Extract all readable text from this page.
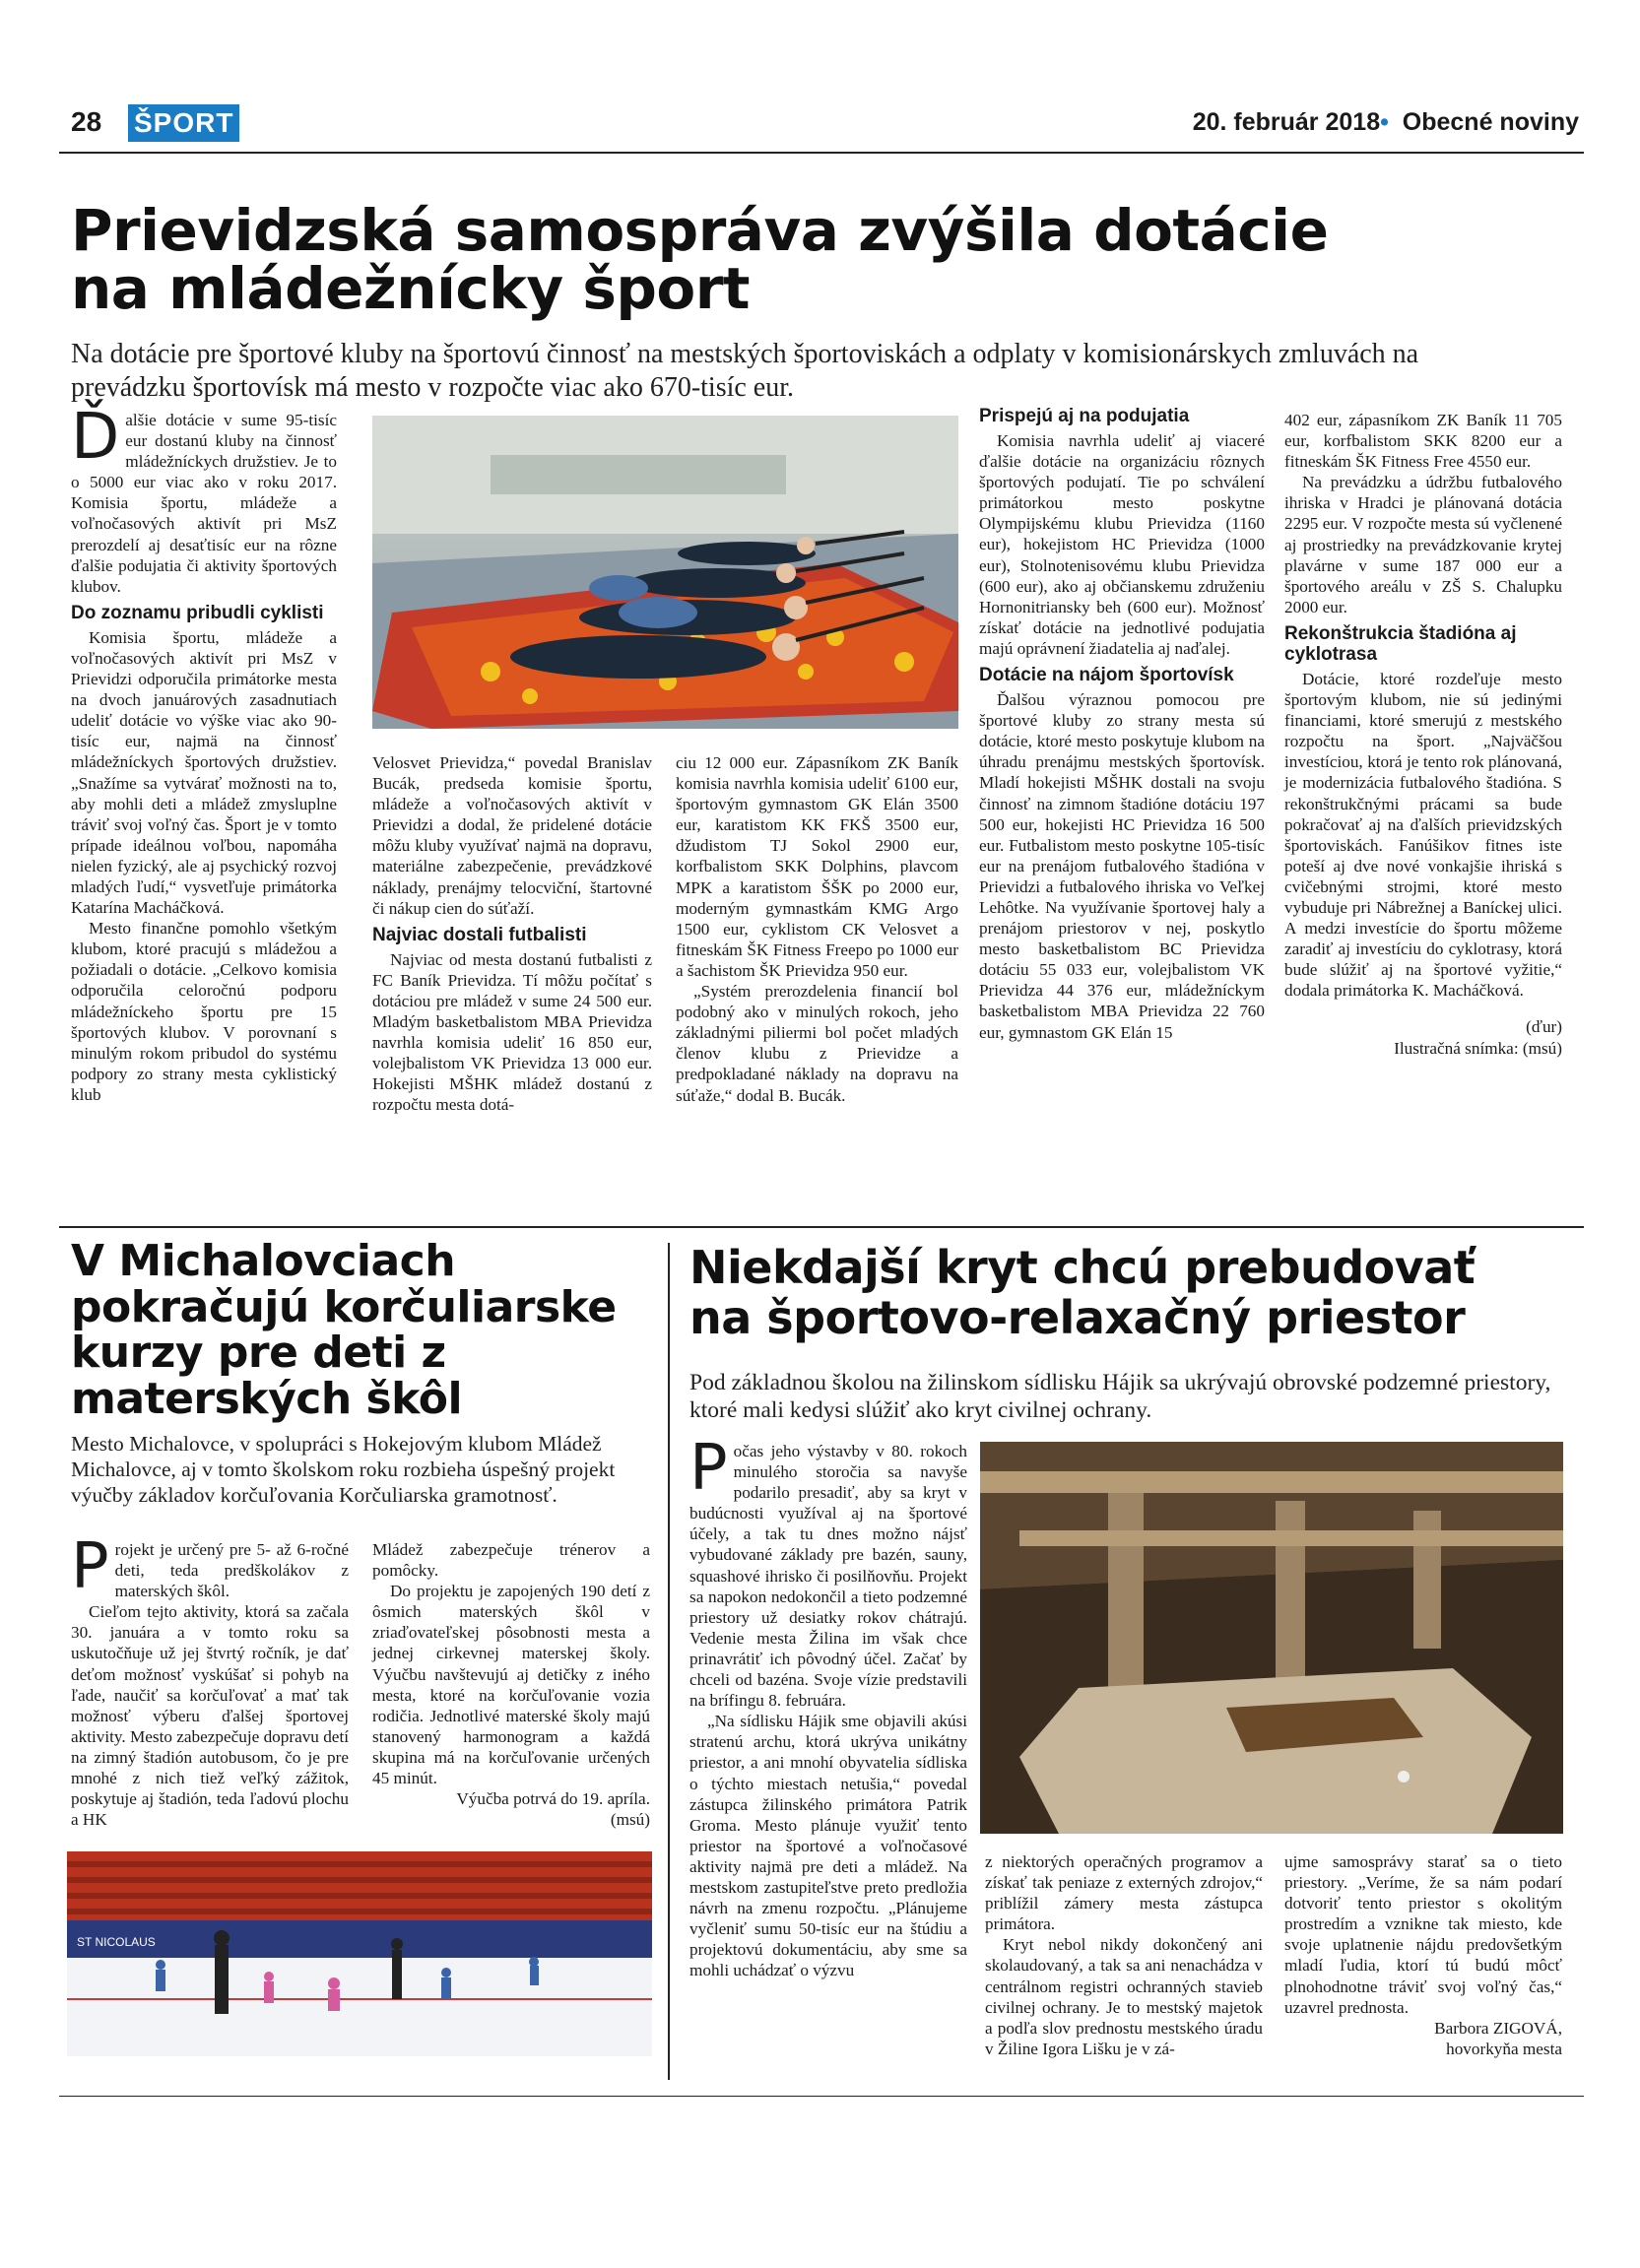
28 ŠPORT	20. február 2018• Obecné noviny
Prievidzská samospráva zvýšila dotácie
na mládežnícky šport
Na dotácie pre športové kluby na športovú činnosť na mestských športoviskách a odplaty v komisionárskych zmluvách na prevádzku športovísk má mesto v rozpočte viac ako 670-tisíc eur.

Ďalšie dotácie v sume 95-tisíc eur dostanú kluby na činnosť mládežníckych družstiev. Je to o 5000 eur viac ako v roku 2017. Komisia športu, mládeže a voľnočasových aktivít pri MsZ prerozdelí aj desaťtisíc eur na rôzne ďalšie podujatia či aktivity športových klubov.

Do zoznamu pribudli cyklisti

Komisia športu, mládeže a voľnočasových aktivít pri MsZ v Prievidzi odporučila primátorke mesta na dvoch januárových zasadnutiach udeliť dotácie vo výške viac ako 90-tisíc eur, najmä na činnosť mládežníckych športových družstiev. „Snažíme sa vytvárať možnosti na to, aby mohli deti a mládež zmysluplne tráviť svoj voľný čas. Šport je v tomto prípade ideálnou voľbou, napomáha nielen fyzický, ale aj psychický rozvoj mladých ľudí,“ vysvetľuje primátorka Katarína Macháčková.

Mesto finančne pomohlo všetkým klubom, ktoré pracujú s mládežou a požiadali o dotácie. „Celkovo komisia odporučila celoročnú podporu mládežníckeho športu pre 15 športových klubov. V porovnaní s minulým rokom pribudol do systému podpory zo strany mesta cyklistický klub

Velosvet Prievidza,“ povedal Branislav Bucák, predseda komisie športu, mládeže a voľnočasových aktivít v Prievidzi a dodal, že pridelené dotácie môžu kluby využívať najmä na dopravu, materiálne zabezpečenie, prevádzkové náklady, prenájmy telocviční, štartovné či nákup cien do súťaží.

Najviac dostali futbalisti

Najviac od mesta dostanú futbalisti z FC Baník Prievidza. Tí môžu počítať s dotáciou pre mládež v sume 24 500 eur. Mladým basketbalistom MBA Prievidza navrhla komisia udeliť 16 850 eur, volejbalistom VK Prievidza 13 000 eur. Hokejisti MŠHK mládež dostanú z rozpočtu mesta dotá-

ciu 12 000 eur. Zápasníkom ZK Baník komisia navrhla komisia udeliť 6100 eur, športovým gymnastom GK Elán 3500 eur, karatistom KK FKŠ 3500 eur, džudistom TJ Sokol 2900 eur, korfbalistom SKK Dolphins, plavcom MPK a karatistom ŠŠK po 2000 eur, moderným gymnastkám KMG Argo 1500 eur, cyklistom CK Velosvet a fitneskám ŠK Fitness Freepo po 1000 eur a šachistom ŠK Prievidza 950 eur.

„Systém prerozdelenia financií bol podobný ako v minulých rokoch, jeho základnými piliermi bol počet mladých členov klubu z Prievidze a predpokladané náklady na dopravu na súťaže,“ dodal B. Bucák.

Prispejú aj na podujatia

Komisia navrhla udeliť aj viaceré ďalšie dotácie na organizáciu rôznych športových podujatí. Tie po schválení primátorkou mesto poskytne Olympijskému klubu Prievidza (1160 eur), hokejistom HC Prievidza (1000 eur), Stolnotenisovému klubu Prievidza (600 eur), ako aj občianskemu združeniu Hornonitriansky beh (600 eur). Možnosť získať dotácie na jednotlivé podujatia majú oprávnení žiadatelia aj naďalej.

Dotácie na nájom športovísk

Ďalšou výraznou pomocou pre športové kluby zo strany mesta sú dotácie, ktoré mesto poskytuje klubom na úhradu prenájmu mestských športovísk. Mladí hokejisti MŠHK dostali na svoju činnosť na zimnom štadióne dotáciu 197 500 eur, hokejisti HC Prievidza 16 500 eur. Futbalistom mesto poskytne 105-tisíc eur na prenájom futbalového štadióna v Prievidzi a futbalového ihriska vo Veľkej Lehôtke. Na využívanie športovej haly a prenájom priestorov v nej, poskytlo mesto basketbalistom BC Prievidza dotáciu 55 033 eur, volejbalistom VK Prievidza 44 376 eur, mládežníckym basketbalistom MBA Prievidza 22 760 eur, gymnastom GK Elán 15

402 eur, zápasníkom ZK Baník 11 705 eur, korfbalistom SKK 8200 eur a fitneskám ŠK Fitness Free 4550 eur.

Na prevádzku a údržbu futbalového ihriska v Hradci je plánovaná dotácia 2295 eur. V rozpočte mesta sú vyčlenené aj prostriedky na prevádzkovanie krytej plavárne v sume 187 000 eur a športového areálu v ZŠ S. Chalupku 2000 eur.

Rekonštrukcia štadióna aj cyklotrasa

Dotácie, ktoré rozdeľuje mesto športovým klubom, nie sú jedinými financiami, ktoré smerujú z mestského rozpočtu na šport. „Najväčšou investíciou, ktorá je tento rok plánovaná, je modernizácia futbalového štadióna. S rekonštrukčnými prácami sa bude pokračovať aj na ďalších prievidzských športoviskách. Fanúšikov fitnes iste poteší aj dve nové vonkajšie ihriská s cvičebnými strojmi, ktoré mesto vybuduje pri Nábrežnej a Baníckej ulici. A medzi investície do športu môžeme zaradiť aj investíciu do cyklotrasy, ktorá bude slúžiť aj na športové vyžitie,“ dodala primátorka K. Macháčková.

(ďur)

Ilustračná snímka: (msú)

V Michalovciach
pokračujú korčuliarske
kurzy pre deti z
materských škôl
Mesto Michalovce, v spolupráci s Hokejovým klubom Mládež Michalovce, aj v tomto školskom roku rozbieha úspešný projekt výučby základov korčuľovania Korčuliarska gramotnosť.

Projekt je určený pre 5- až 6-ročné deti, teda predškolákov z materských škôl.

Cieľom tejto aktivity, ktorá sa začala 30. januára a v tomto roku sa uskutočňuje už jej štvrtý ročník, je dať deťom možnosť vyskúšať si pohyb na ľade, naučiť sa korčuľovať a mať tak možnosť výberu ďalšej športovej aktivity. Mesto zabezpečuje dopravu detí na zimný štadión autobusom, čo je pre mnohé z nich tiež veľký zážitok, poskytuje aj štadión, teda ľadovú plochu a HK

Mládež zabezpečuje trénerov a pomôcky.

Do projektu je zapojených 190 detí z ôsmich materských škôl v zriaďovateľskej pôsobnosti mesta a jednej cirkevnej materskej školy. Výučbu navštevujú aj detičky z iného mesta, ktoré na korčuľovanie vozia rodičia. Jednotlivé materské školy majú stanovený harmonogram a každá skupina má na korčuľovanie určených 45 minút.

Výučba potrvá do 19. apríla.

(msú)

ST NICOLAUS
Niekdajší kryt chcú prebudovať
na športovo-relaxačný priestor
Pod základnou školou na žilinskom sídlisku Hájik sa ukrývajú obrovské podzemné priestory, ktoré mali kedysi slúžiť ako kryt civilnej ochrany.

Počas jeho výstavby v 80. rokoch minulého storočia sa navyše podarilo presadiť, aby sa kryt v budúcnosti využíval aj na športové účely, a tak tu dnes možno nájsť vybudované základy pre bazén, sauny, squashové ihrisko či posilňovňu. Projekt sa napokon nedokončil a tieto podzemné priestory už desiatky rokov chátrajú. Vedenie mesta Žilina im však chce prinavrátiť ich pôvodný účel. Začať by chceli od bazéna. Svoje vízie predstavili na brífingu 8. februára.

„Na sídlisku Hájik sme objavili akúsi stratenú archu, ktorá ukrýva unikátny priestor, a ani mnohí obyvatelia sídliska o týchto miestach netušia,“ povedal zástupca žilinského primátora Patrik Groma. Mesto plánuje využiť tento priestor na športové a voľnočasové aktivity najmä pre deti a mládež. Na mestskom zastupiteľstve preto predložia návrh na zmenu rozpočtu. „Plánujeme vyčleniť sumu 50-tisíc eur na štúdiu a projektovú dokumentáciu, aby sme sa mohli uchádzať o výzvu

z niektorých operačných programov a získať tak peniaze z externých zdrojov,“ priblížil zámery mesta zástupca primátora.

Kryt nebol nikdy dokončený ani skolaudovaný, a tak sa ani nenachádza v centrálnom registri ochranných stavieb civilnej ochrany. Je to mestský majetok a podľa slov prednostu mestského úradu v Žiline Igora Lišku je v zá-

ujme samosprávy starať sa o tieto priestory. „Veríme, že sa nám podarí dotvoriť tento priestor s okolitým prostredím a vznikne tak miesto, kde svoje uplatnenie nájdu predovšetkým mladí ľudia, ktorí tú budú môcť plnohodnotne tráviť svoj voľný čas,“ uzavrel prednosta.

Barbora ZIGOVÁ,

hovorkyňa mesta
